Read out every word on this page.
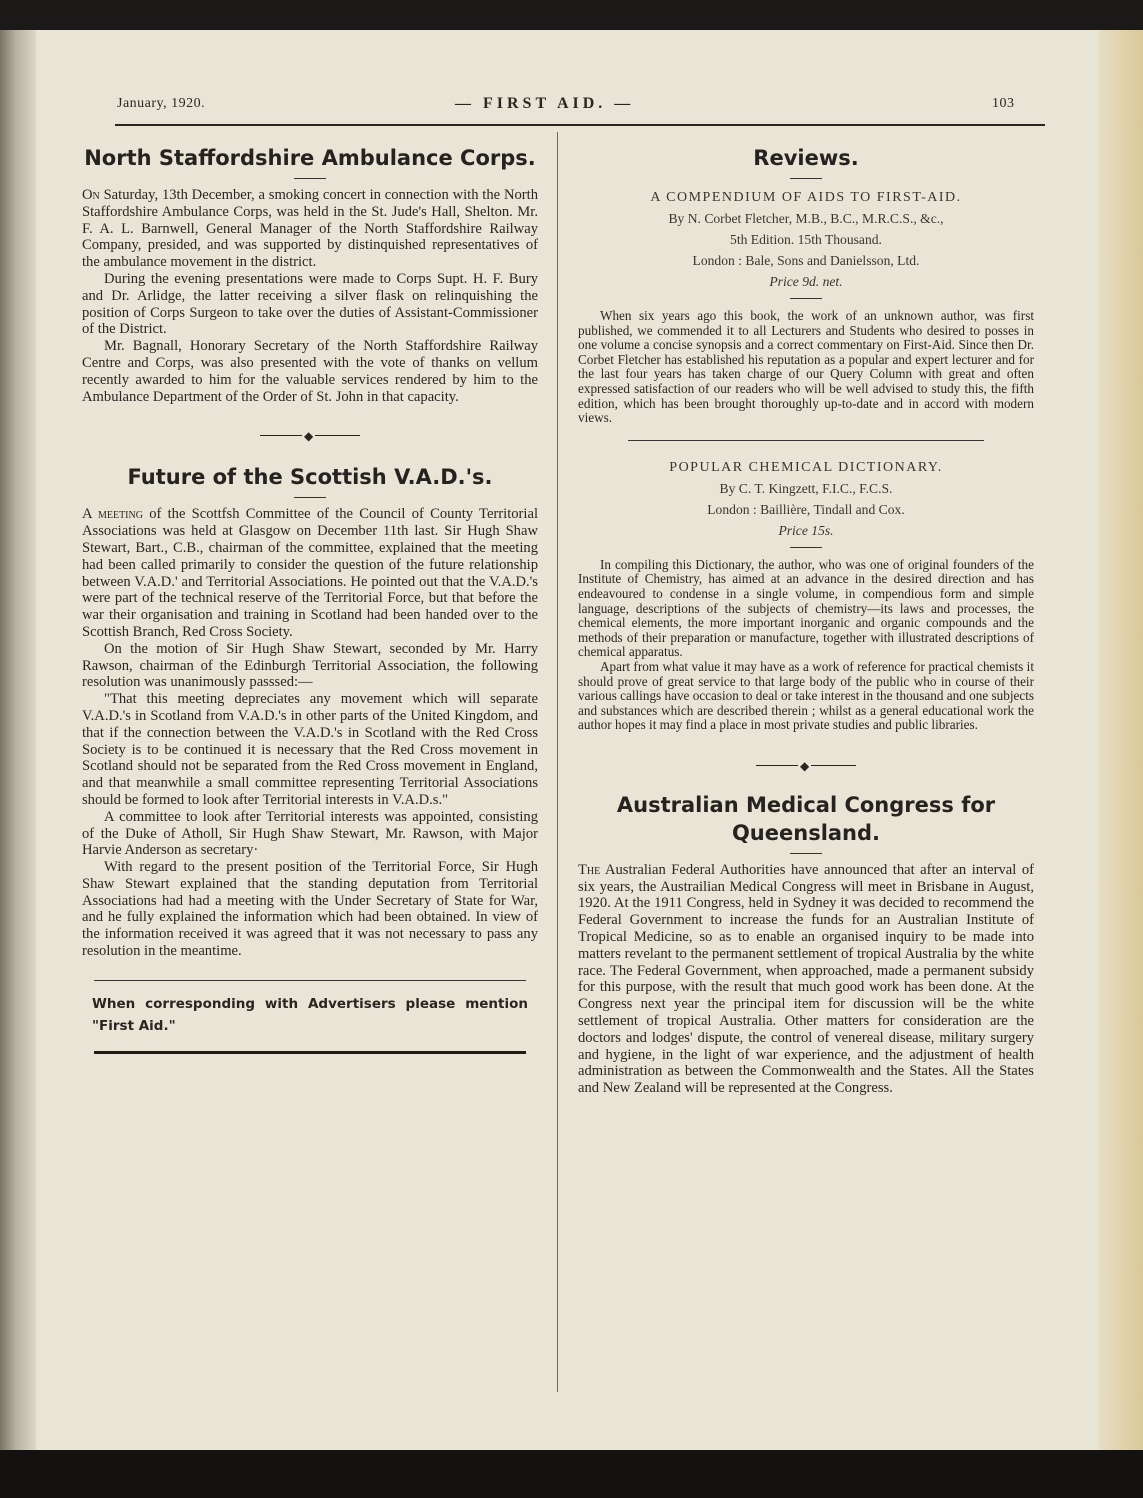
January, 1920.	— FIRST AID. —	103
North Staffordshire Ambulance Corps.

On Saturday, 13th December, a smoking concert in connection with the North Staffordshire Ambulance Corps, was held in the St. Jude's Hall, Shelton. Mr. F. A. L. Barnwell, General Manager of the North Staffordshire Railway Company, presided, and was supported by distinquished representatives of the ambulance movement in the district.

During the evening presentations were made to Corps Supt. H. F. Bury and Dr. Arlidge, the latter receiving a silver flask on relinquishing the position of Corps Surgeon to take over the duties of Assistant-Commissioner of the District.

Mr. Bagnall, Honorary Secretary of the North Staffordshire Railway Centre and Corps, was also presented with the vote of thanks on vellum recently awarded to him for the valuable services rendered by him to the Ambulance Department of the Order of St. John in that capacity.

◆
Future of the Scottish V.A.D.'s.

A meeting of the Scottfsh Committee of the Council of County Territorial Associations was held at Glasgow on December 11th last. Sir Hugh Shaw Stewart, Bart., C.B., chairman of the committee, explained that the meeting had been called primarily to consider the question of the future relationship between V.A.D.' and Territorial Associations. He pointed out that the V.A.D.'s were part of the technical reserve of the Territorial Force, but that before the war their organisation and training in Scotland had been handed over to the Scottish Branch, Red Cross Society.

On the motion of Sir Hugh Shaw Stewart, seconded by Mr. Harry Rawson, chairman of the Edinburgh Territorial Association, the following resolution was unanimously passsed:—

"That this meeting depreciates any movement which will separate V.A.D.'s in Scotland from V.A.D.'s in other parts of the United Kingdom, and that if the connection between the V.A.D.'s in Scotland with the Red Cross Society is to be continued it is necessary that the Red Cross movement in Scotland should not be separated from the Red Cross movement in England, and that meanwhile a small committee representing Territorial Associations should be formed to look after Territorial interests in V.A.D.s."

A committee to look after Territorial interests was appointed, consisting of the Duke of Atholl, Sir Hugh Shaw Stewart, Mr. Rawson, with Major Harvie Anderson as secretary·

With regard to the present position of the Territorial Force, Sir Hugh Shaw Stewart explained that the standing deputation from Territorial Associations had had a meeting with the Under Secretary of State for War, and he fully explained the information which had been obtained. In view of the information received it was agreed that it was not necessary to pass any resolution in the meantime.

When corresponding with Advertisers please mention "First Aid."

Reviews.
A COMPENDIUM OF AIDS TO FIRST-AID.
By N. Corbet Fletcher, M.B., B.C., M.R.C.S., &c.,
5th Edition. 15th Thousand.
London : Bale, Sons and Danielsson, Ltd.
Price 9d. net.

When six years ago this book, the work of an unknown author, was first published, we commended it to all Lecturers and Students who desired to posses in one volume a concise synopsis and a correct commentary on First-Aid. Since then Dr. Corbet Fletcher has established his reputation as a popular and expert lecturer and for the last four years has taken charge of our Query Column with great and often expressed satisfaction of our readers who will be well advised to study this, the fifth edition, which has been brought thoroughly up-to-date and in accord with modern views.

POPULAR CHEMICAL DICTIONARY.
By C. T. Kingzett, F.I.C., F.C.S.
London : Baillière, Tindall and Cox.
Price 15s.

In compiling this Dictionary, the author, who was one of original founders of the Institute of Chemistry, has aimed at an advance in the desired direction and has endeavoured to condense in a single volume, in compendious form and simple language, descriptions of the subjects of chemistry—its laws and processes, the chemical elements, the more important inorganic and organic compounds and the methods of their preparation or manufacture, together with illustrated descriptions of chemical apparatus.

Apart from what value it may have as a work of reference for practical chemists it should prove of great service to that large body of the public who in course of their various callings have occasion to deal or take interest in the thousand and one subjects and substances which are described therein ; whilst as a general educational work the author hopes it may find a place in most private studies and public libraries.

◆
Australian Medical Congress for Queensland.

The Australian Federal Authorities have announced that after an interval of six years, the Austrailian Medical Congress will meet in Brisbane in August, 1920. At the 1911 Congress, held in Sydney it was decided to recommend the Federal Government to increase the funds for an Australian Institute of Tropical Medicine, so as to enable an organised inquiry to be made into matters revelant to the permanent settlement of tropical Australia by the white race. The Federal Government, when approached, made a permanent subsidy for this purpose, with the result that much good work has been done. At the Congress next year the principal item for discussion will be the white settlement of tropical Australia. Other matters for consideration are the doctors and lodges' dispute, the control of venereal disease, military surgery and hygiene, in the light of war experience, and the adjustment of health administration as between the Commonwealth and the States. All the States and New Zealand will be represented at the Congress.
